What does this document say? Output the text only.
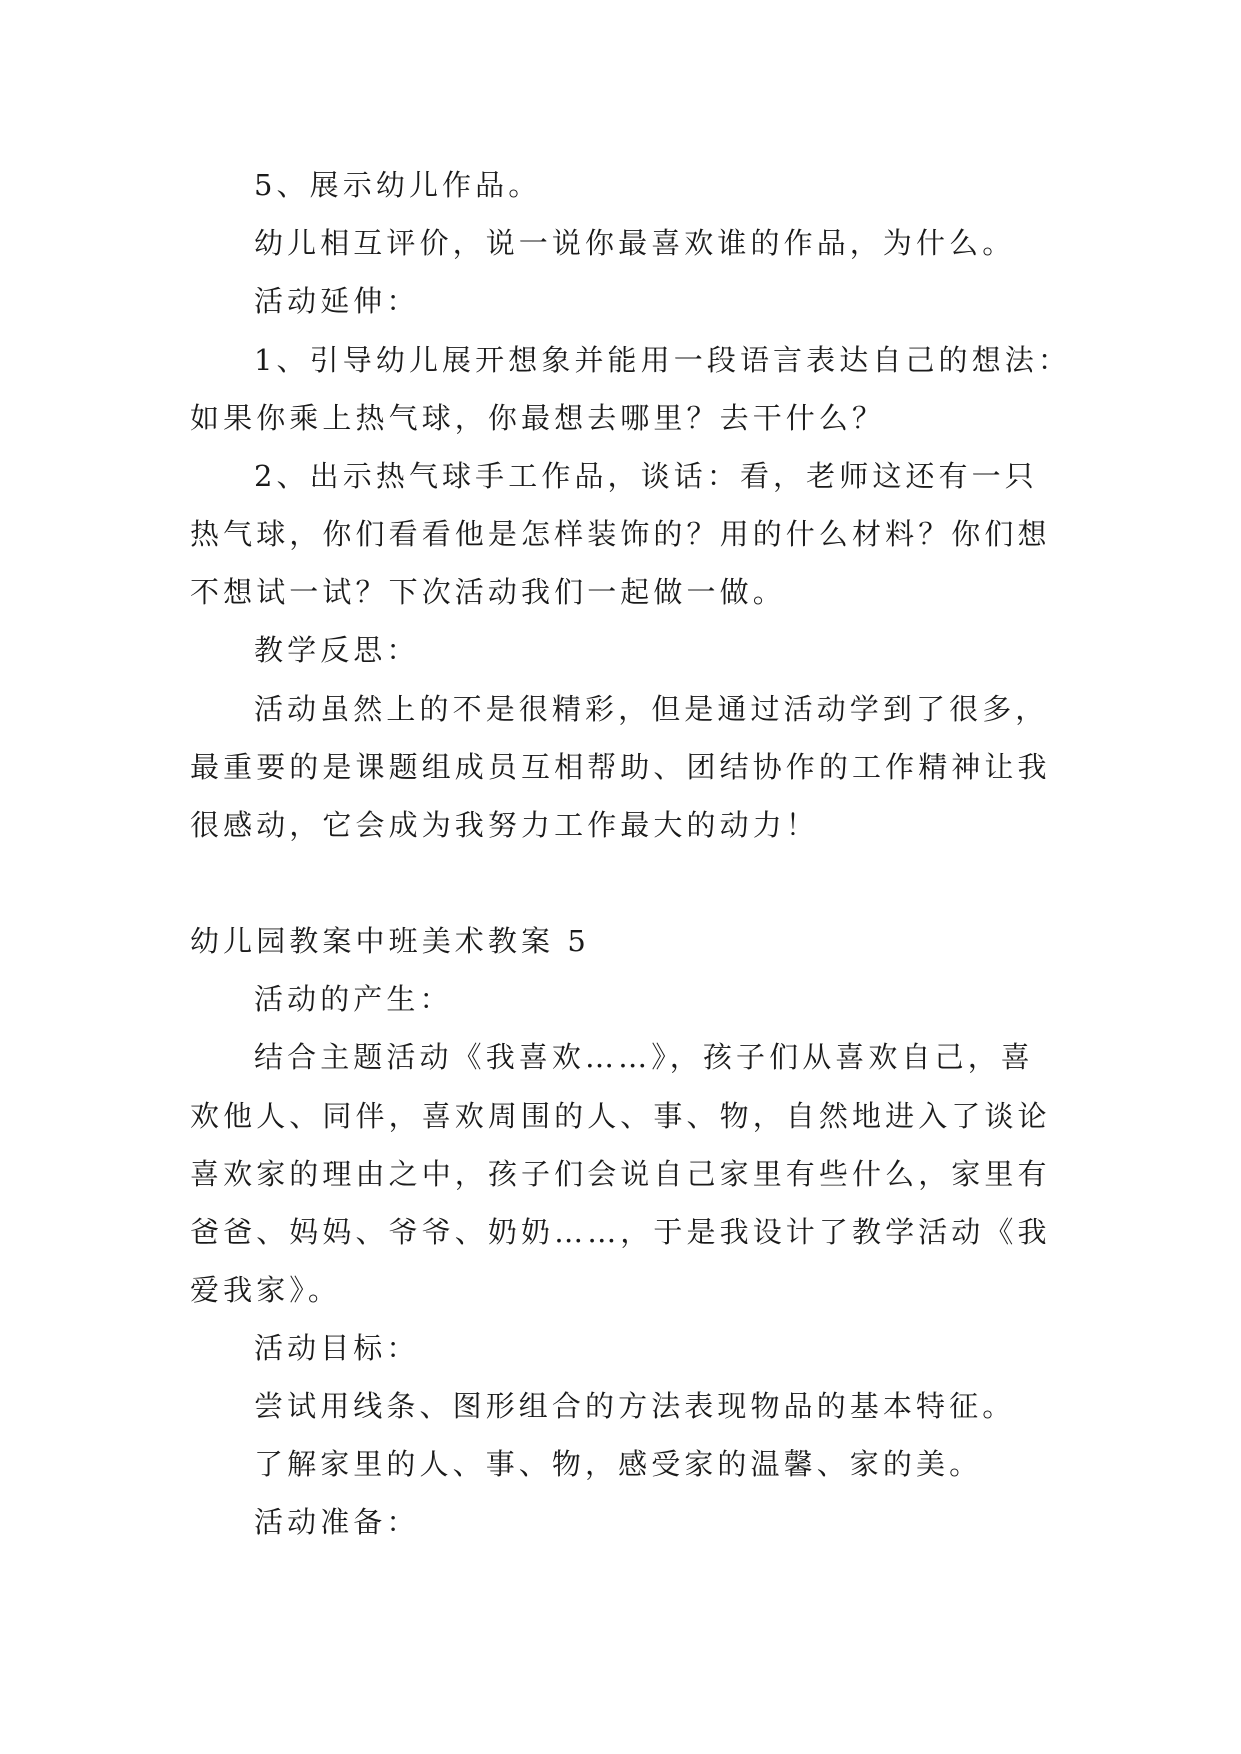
5、展示幼儿作品。
幼儿相互评价，说一说你最喜欢谁的作品，为什么。
活动延伸：
1、引导幼儿展开想象并能用一段语言表达自己的想法：
如果你乘上热气球，你最想去哪里？去干什么？
2、出示热气球手工作品，谈话：看，老师这还有一只
热气球，你们看看他是怎样装饰的？用的什么材料？你们想
不想试一试？下次活动我们一起做一做。
教学反思：
活动虽然上的不是很精彩，但是通过活动学到了很多，
最重要的是课题组成员互相帮助、团结协作的工作精神让我
很感动，它会成为我努力工作最大的动力！
幼儿园教案中班美术教案 5
活动的产生：
结合主题活动《我喜欢……》，孩子们从喜欢自己，喜
欢他人、同伴，喜欢周围的人、事、物，自然地进入了谈论
喜欢家的理由之中，孩子们会说自己家里有些什么，家里有
爸爸、妈妈、爷爷、奶奶……，于是我设计了教学活动《我
爱我家》。
活动目标：
尝试用线条、图形组合的方法表现物品的基本特征。
了解家里的人、事、物，感受家的温馨、家的美。
活动准备：
